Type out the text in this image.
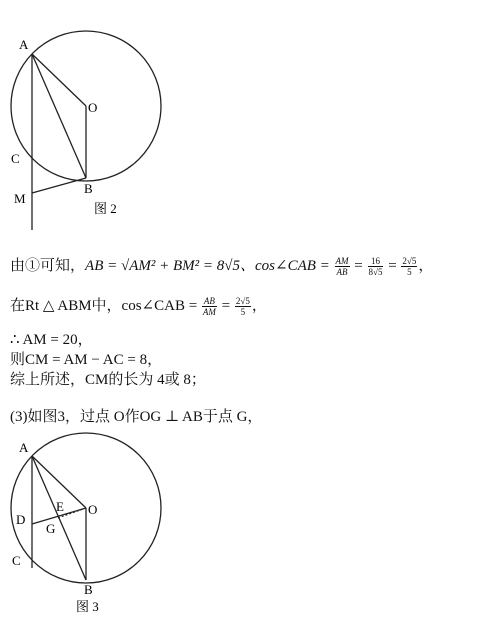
A
O
C
M
B
图 2
由①可知，AB = √AM² + BM² = 8√5、cos∠CAB = $\frac{AM}{AB} = \frac{16}{8√5} = \frac{2√5}{5}$ ，
在Rt △ ABM中，cos∠CAB = $\frac{AB}{AM} = \frac{2√5}{5}$ ，
∴ AM = 20，
则CM = AM − AC = 8，
综上所述，CM的长为 4或 8；
(3)如图3，过点 O作OG ⊥ AB于点 G，
A
E O
D
G
C
B
图 3
